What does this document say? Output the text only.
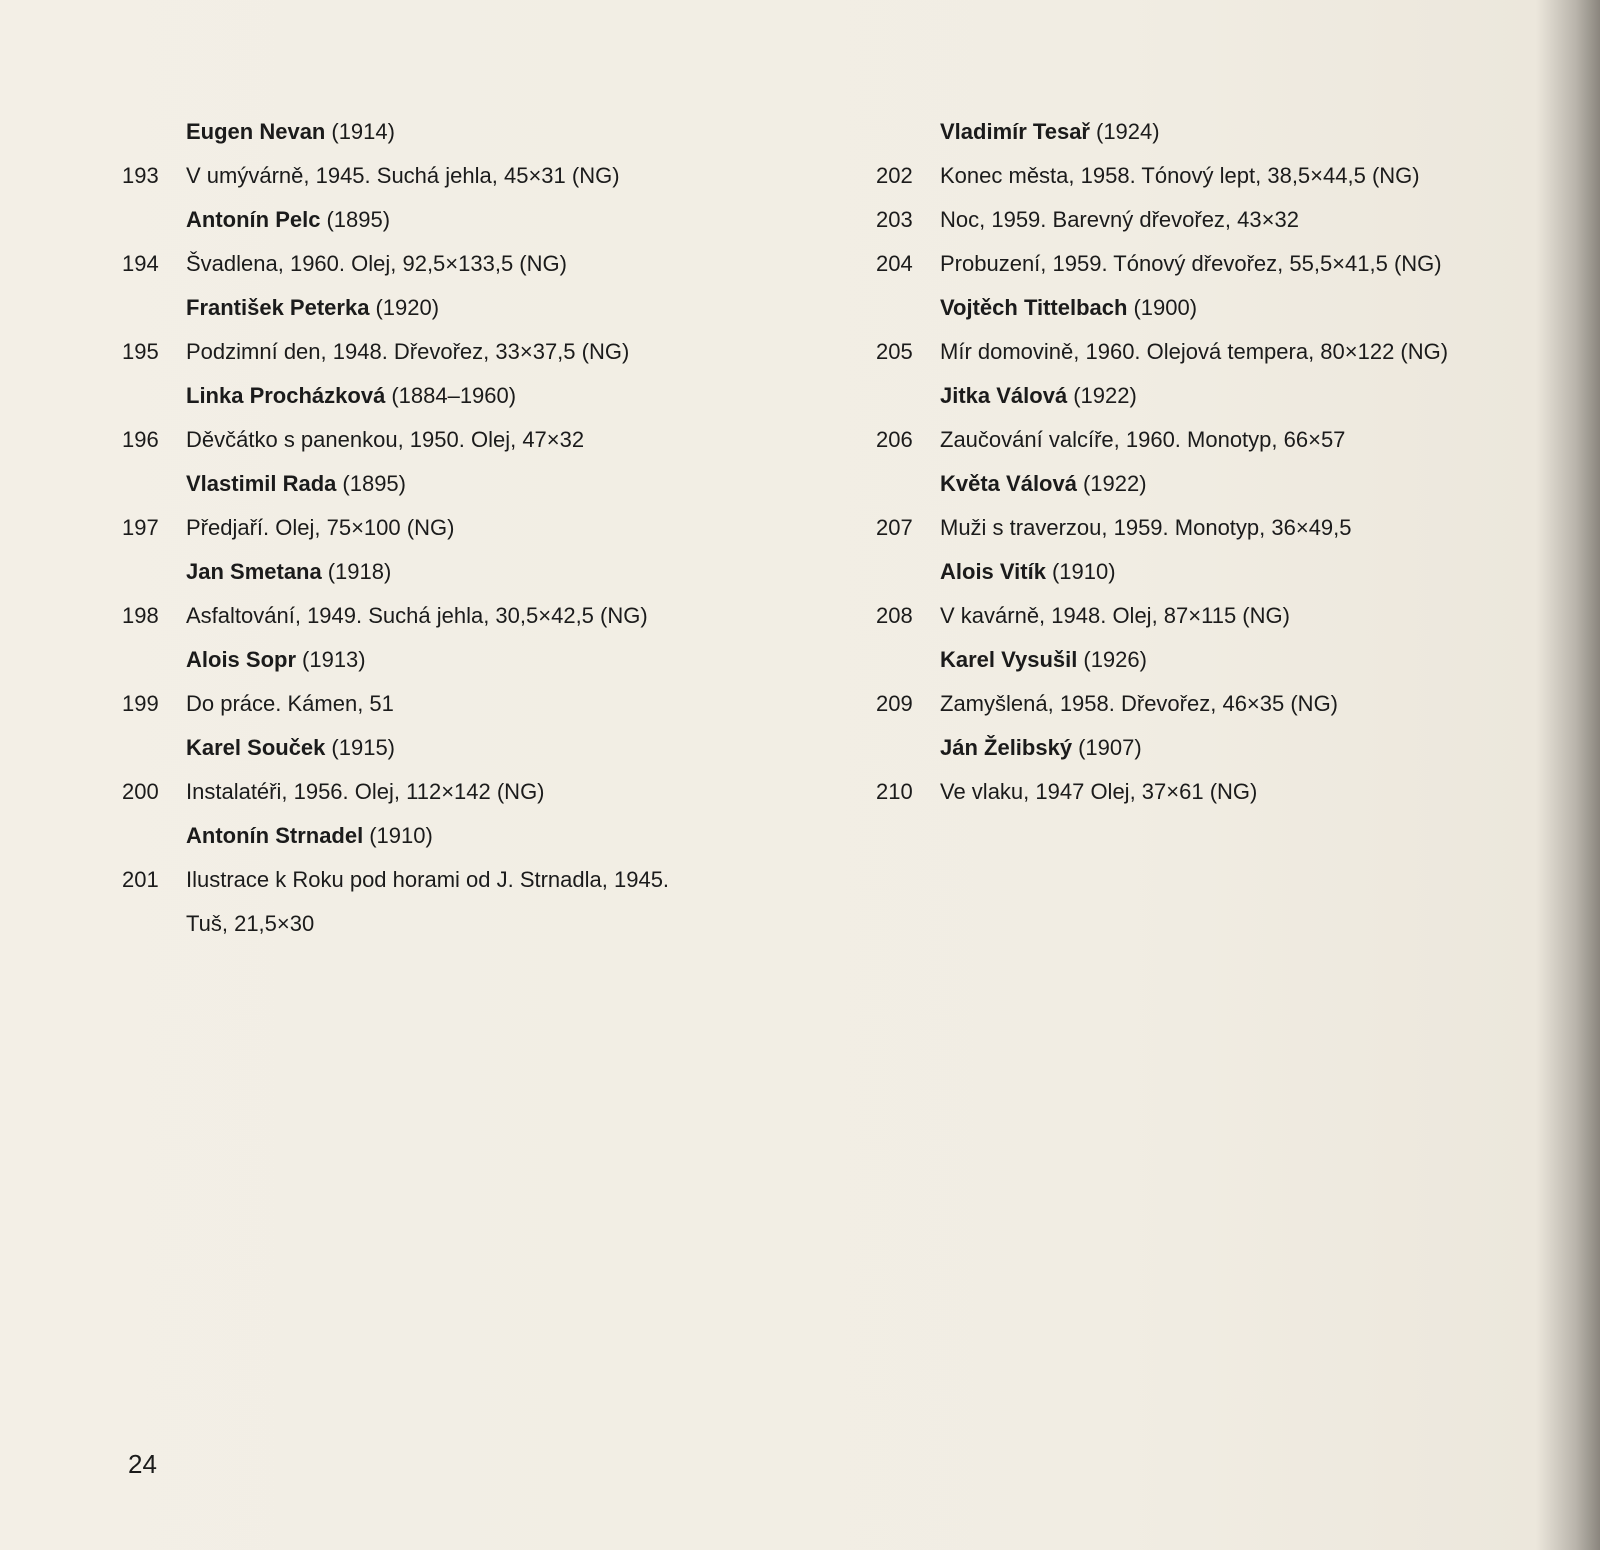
Eugen Nevan (1914)
193	V umývárně, 1945. Suchá jehla, 45×31 (NG)
Antonín Pelc (1895)
194	Švadlena, 1960. Olej, 92,5×133,5 (NG)
František Peterka (1920)
195	Podzimní den, 1948. Dřevořez, 33×37,5 (NG)
Linka Procházková (1884–1960)
196	Děvčátko s panenkou, 1950. Olej, 47×32
Vlastimil Rada (1895)
197	Předjaří. Olej, 75×100 (NG)
Jan Smetana (1918)
198	Asfaltování, 1949. Suchá jehla, 30,5×42,5 (NG)
Alois Sopr (1913)
199	Do práce. Kámen, 51
Karel Souček (1915)
200	Instalatéři, 1956. Olej, 112×142 (NG)
Antonín Strnadel (1910)
201	Ilustrace k Roku pod horami od J. Strnadla, 1945.
Tuš, 21,5×30
Vladimír Tesař (1924)
202	Konec města, 1958. Tónový lept, 38,5×44,5 (NG)
203	Noc, 1959. Barevný dřevořez, 43×32
204	Probuzení, 1959. Tónový dřevořez, 55,5×41,5 (NG)
Vojtěch Tittelbach (1900)
205	Mír domovině, 1960. Olejová tempera, 80×122 (NG)
Jitka Válová (1922)
206	Zaučování valcíře, 1960. Monotyp, 66×57
Květa Válová (1922)
207	Muži s traverzou, 1959. Monotyp, 36×49,5
Alois Vitík (1910)
208	V kavárně, 1948. Olej, 87×115 (NG)
Karel Vysušil (1926)
209	Zamyšlená, 1958. Dřevořez, 46×35 (NG)
Ján Želibský (1907)
210	Ve vlaku, 1947 Olej, 37×61 (NG)
24
